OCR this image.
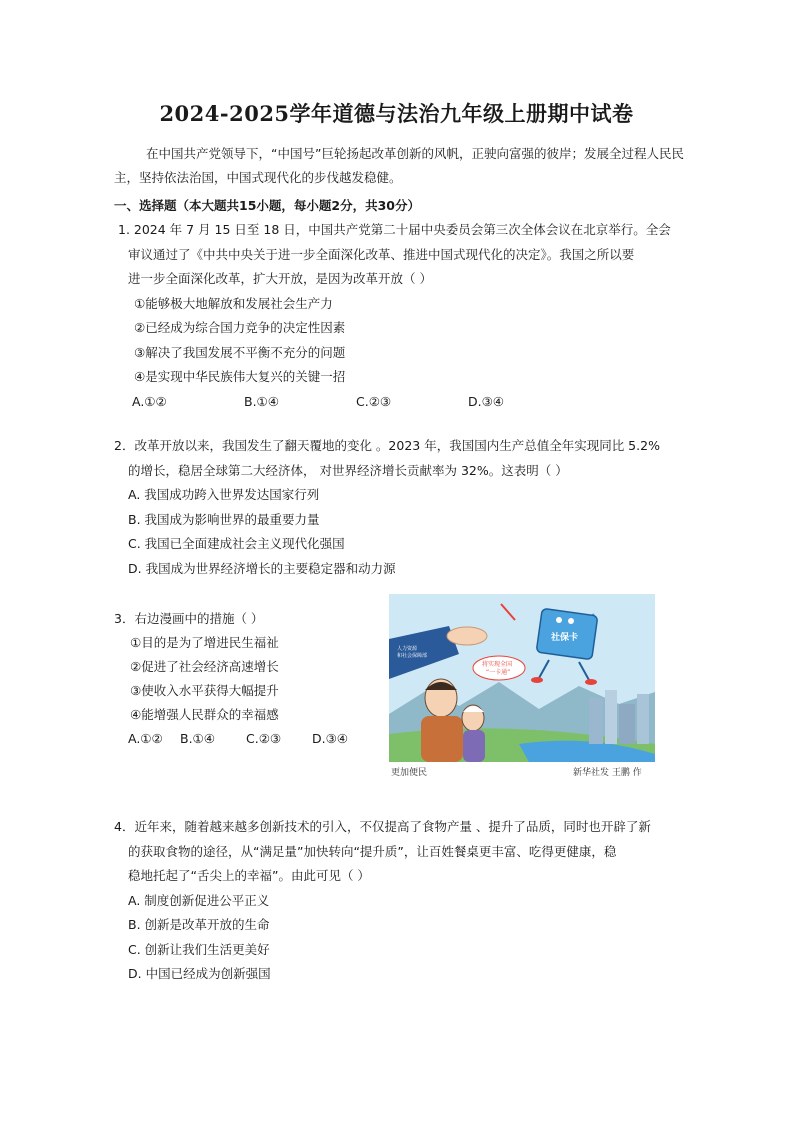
2024-2025学年道德与法治九年级上册期中试卷
在中国共产党领导下，“中国号”巨轮扬起改革创新的风帆，正驶向富强的彼岸；发展全过程人民民主，坚持依法治国，中国式现代化的步伐越发稳健。
一、选择题（本大题共15小题，每小题2分，共30分）

1. 2024 年 7 月 15 日至 18 日，中国共产党第二十届中央委员会第三次全体会议在北京举行。全会

审议通过了《中共中央关于进一步全面深化改革、推进中国式现代化的决定》。我国之所以要

进一步全面深化改革，扩大开放，是因为改革开放（ ）

①能够极大地解放和发展社会生产力

②已经成为综合国力竞争的决定性因素

③解决了我国发展不平衡不充分的问题

④是实现中华民族伟大复兴的关键一招

A.①②	B.①④	C.②③	D.③④

2．改革开放以来，我国发生了翻天覆地的变化 。2023 年，我国国内生产总值全年实现同比 5.2%

的增长，稳居全球第二大经济体， 对世界经济增长贡献率为 32%。这表明（ ）

A. 我国成功跨入世界发达国家行列

B. 我国成为影响世界的最重要力量

C. 我国已全面建成社会主义现代化强国

D. 我国成为世界经济增长的主要稳定器和动力源

3．右边漫画中的措施（ ）

①目的是为了增进民生福祉

②促进了社会经济高速增长

③使收入水平获得大幅提升

④能增强人民群众的幸福感

A.①②	B.①④	C.②③	D.③④

人力资源
和社会保障部
社保卡
将实现全国
“一卡通”
更加便民	新华社发 王鹏 作

4．近年来，随着越来越多创新技术的引入，不仅提高了食物产量 、提升了品质，同时也开辟了新

的获取食物的途径，从“满足量”加快转向“提升质”，让百姓餐桌更丰富、吃得更健康，稳

稳地托起了“舌尖上的幸福”。由此可见（ ）

A. 制度创新促进公平正义

B. 创新是改革开放的生命

C. 创新让我们生活更美好

D. 中国已经成为创新强国
